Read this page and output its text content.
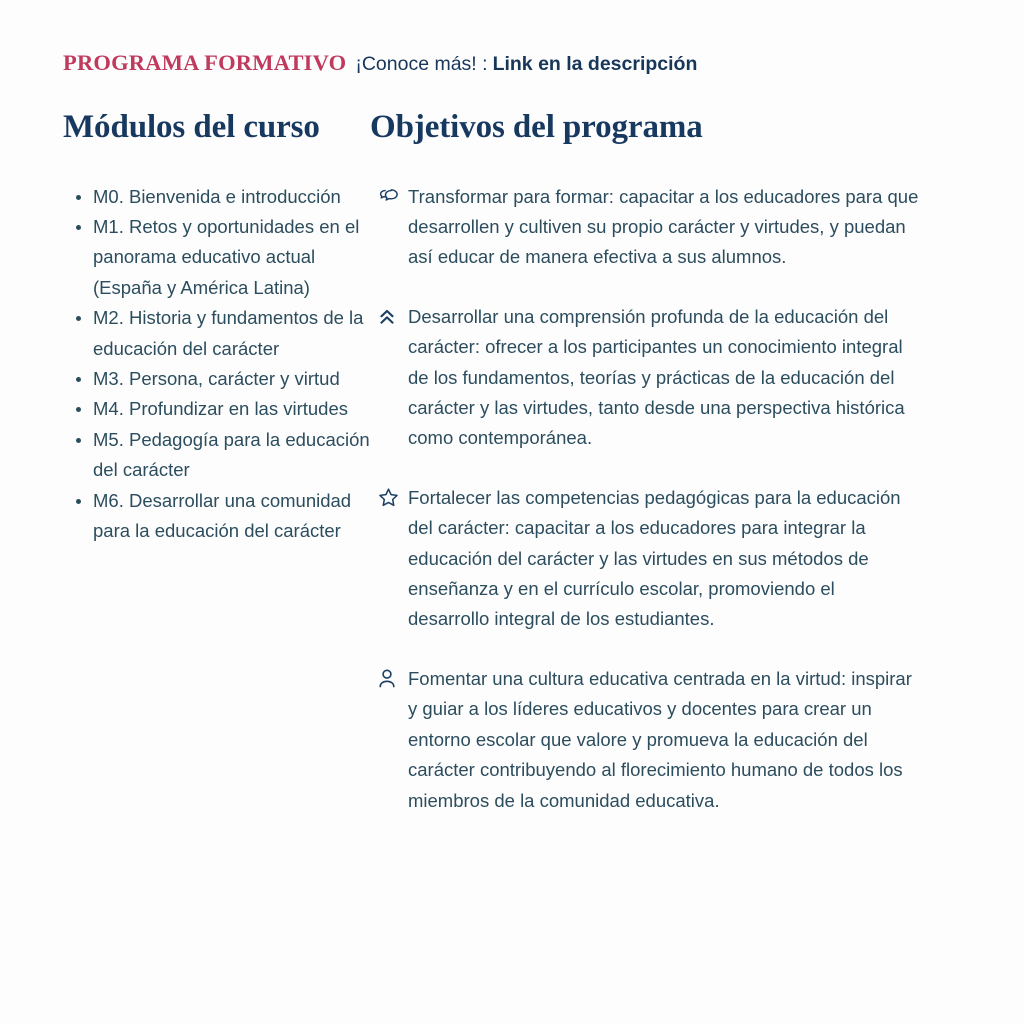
PROGRAMA FORMATIVO ¡Conoce más! : Link en la descripción
Módulos del curso
M0. Bienvenida e introducción
M1. Retos y oportunidades en el panorama educativo actual (España y América Latina)
M2. Historia y fundamentos de la educación del carácter
M3. Persona, carácter y virtud
M4. Profundizar en las virtudes
M5. Pedagogía para la educación del carácter
M6. Desarrollar una comunidad para la educación del carácter
Objetivos del programa
Transformar para formar: capacitar a los educadores para que desarrollen y cultiven su propio carácter y virtudes, y puedan así educar de manera efectiva a sus alumnos.
Desarrollar una comprensión profunda de la educación del carácter: ofrecer a los participantes un conocimiento integral de los fundamentos, teorías y prácticas de la educación del carácter y las virtudes, tanto desde una perspectiva histórica como contemporánea.
Fortalecer las competencias pedagógicas para la educación del carácter: capacitar a los educadores para integrar la educación del carácter y las virtudes en sus métodos de enseñanza y en el currículo escolar, promoviendo el desarrollo integral de los estudiantes.
Fomentar una cultura educativa centrada en la virtud: inspirar y guiar a los líderes educativos y docentes para crear un entorno escolar que valore y promueva la educación del carácter contribuyendo al florecimiento humano de todos los miembros de la comunidad educativa.
